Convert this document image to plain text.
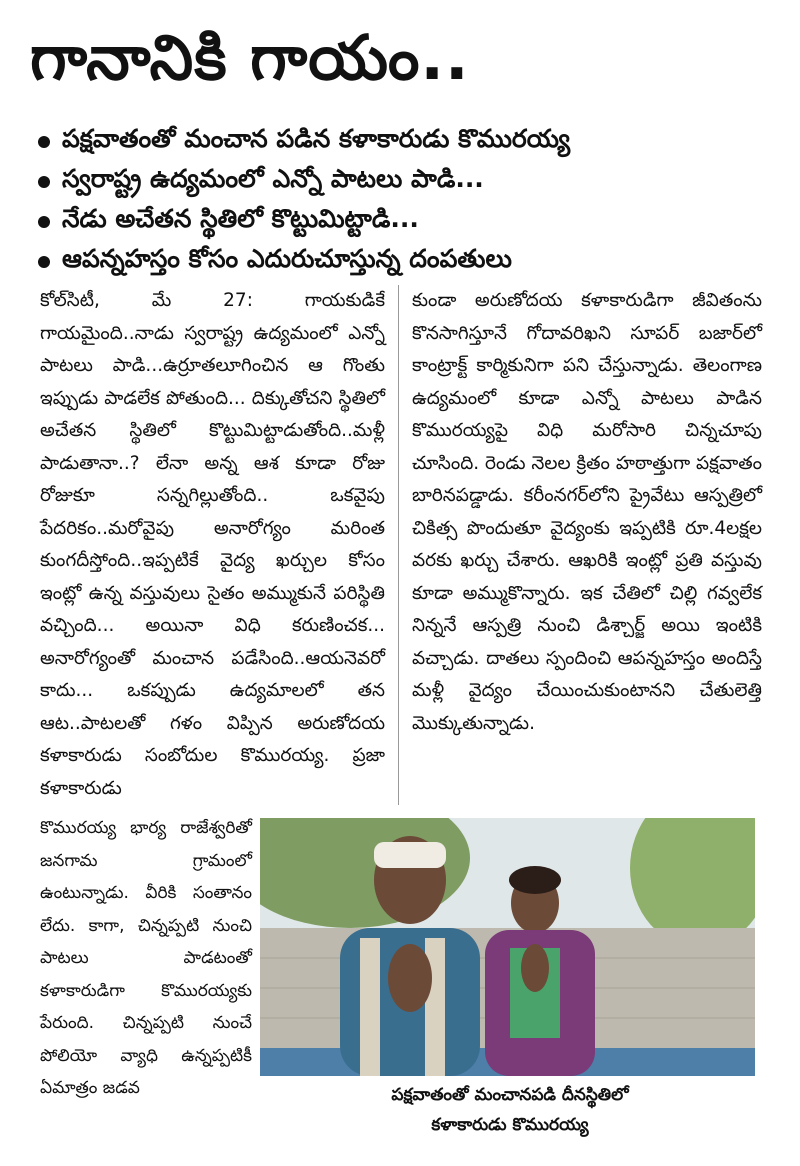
గానానికి గాయం..
పక్షవాతంతో మంచాన పడిన కళాకారుడు కొమురయ్య
స్వరాష్ట్ర ఉద్యమంలో ఎన్నో పాటలు పాడి...
నేడు అచేతన స్థితిలో కొట్టుమిట్టాడి...
ఆపన్నహస్తం కోసం ఎదురుచూస్తున్న దంపతులు
కోల్‌సిటీ, మే 27: గాయకుడికే గాయమైంది..నాడు స్వరాష్ట్ర ఉద్యమంలో ఎన్నో పాటలు పాడి...ఉర్రూతలూగించిన ఆ గొంతు ఇప్పుడు పాడలేక పోతుంది... దిక్కుతోచని స్థితిలో అచేతన స్థితిలో కొట్టుమిట్టాడుతోంది..మళ్లీ పాడుతానా..? లేనా అన్న ఆశ కూడా రోజు రోజుకూ సన్నగిల్లుతోంది.. ఒకవైపు పేదరికం..మరోవైపు అనారోగ్యం మరింత కుంగదీస్తోంది..ఇప్పటికే వైద్య ఖర్చుల కోసం ఇంట్లో ఉన్న వస్తువులు సైతం అమ్ముకునే పరిస్థితి వచ్చింది... అయినా విధి కరుణించక... అనారోగ్యంతో మంచాన పడేసింది..ఆయనెవరో కాదు... ఒకప్పుడు ఉద్యమాలలో తన ఆట..పాటలతో గళం విప్పిన అరుణోదయ కళాకారుడు సంబోదుల కొమురయ్య. ప్రజా కళాకారుడు
కుండా అరుణోదయ కళాకారుడిగా జీవితంను కొనసాగిస్తూనే గోదావరిఖని సూపర్ బజార్‌లో కాంట్రాక్ట్ కార్మికునిగా పని చేస్తున్నాడు. తెలంగాణ ఉద్యమంలో కూడా ఎన్నో పాటలు పాడిన కొమురయ్యపై విధి మరోసారి చిన్నచూపు చూసింది. రెండు నెలల క్రితం హఠాత్తుగా పక్షవాతం బారినపడ్డాడు. కరీంనగర్‌లోని ప్రైవేటు ఆస్పత్రిలో చికిత్స పొందుతూ వైద్యంకు ఇప్పటికి రూ.4లక్షల వరకు ఖర్చు చేశారు. ఆఖరికి ఇంట్లో ప్రతి వస్తువు కూడా అమ్ముకొన్నారు. ఇక చేతిలో చిల్లి గవ్వలేక నిన్ననే ఆస్పత్రి నుంచి డిశ్చార్జ్ అయి ఇంటికి వచ్చాడు. దాతలు స్పందించి ఆపన్నహస్తం అందిస్తే మళ్లీ వైద్యం చేయించుకుంటానని చేతులెత్తి మొక్కుతున్నాడు.
కొమురయ్య భార్య రాజేశ్వరితో జనగామ గ్రామంలో ఉంటున్నాడు. వీరికి సంతానం లేదు. కాగా, చిన్నప్పటి నుంచి పాటలు పాడటంతో కళాకారుడిగా కొమురయ్యకు పేరుంది. చిన్నప్పటి నుంచే పోలియో వ్యాధి ఉన్నప్పటికీ ఏమాత్రం జడవ	పక్షవాతంతో మంచానపడి దీనస్థితిలో
కళాకారుడు కొమురయ్య
